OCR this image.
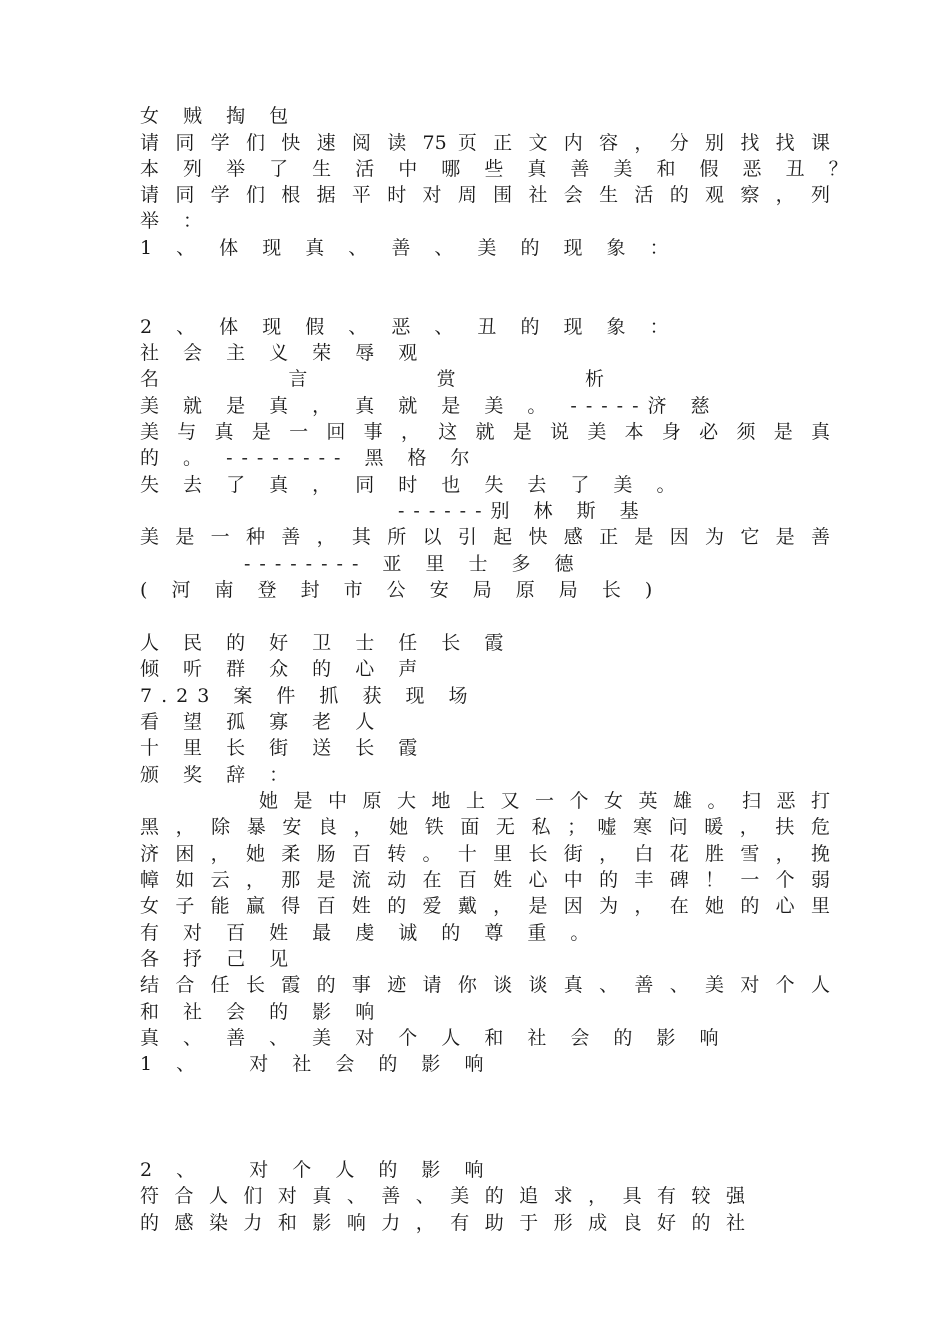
女 贼 掏 包
请 同 学 们 快 速 阅 读 75 页 正 文 内 容 ， 分 别 找 找 课
本 列 举 了 生 活 中 哪 些 真 善 美 和 假 恶 丑 ？
请 同 学 们 根 据 平 时 对 周 围 社 会 生 活 的 观 察 ， 列
举 ：
1 、 体 现 真 、 善 、 美 的 现 象 ：
2 、 体 现 假 、 恶 、 丑 的 现 象 ：
社 会 主 义 荣 辱 观
名        言        赏        析
美 就 是 真 ， 真 就 是 美 。 -----济 慈
美 与 真 是 一 回 事 ， 这 就 是 说 美 本 身 必 须 是 真
的 。 -------- 黑 格 尔
失 去 了 真 ， 同 时 也 失 去 了 美 。
------别 林 斯 基
美 是 一 种 善 ， 其 所 以 引 起 快 感 正 是 因 为 它 是 善
-------- 亚 里 士 多 德
( 河 南 登 封 市 公 安 局 原 局 长 )
人 民 的 好 卫 士 任 长 霞
倾 听 群 众 的 心 声
7.23 案 件 抓 获 现 场
看 望 孤 寡 老 人
十 里 长 街 送 长 霞
颁 奖 辞 ：
她 是 中 原 大 地 上 又 一 个 女 英 雄 。 扫 恶 打
黑 ， 除 暴 安 良 ， 她 铁 面 无 私 ； 嘘 寒 问 暖 ， 扶 危
济 困 ， 她 柔 肠 百 转 。 十 里 长 街 ， 白 花 胜 雪 ， 挽
幛 如 云 ， 那 是 流 动 在 百 姓 心 中 的 丰 碑 ！ 一 个 弱
女 子 能 赢 得 百 姓 的 爱 戴 ， 是 因 为 ， 在 她 的 心 里
有 对 百 姓 最 虔 诚 的 尊 重 。
各 抒 己 见
结 合 任 长 霞 的 事 迹 请 你 谈 谈 真 、 善 、 美 对 个 人
和 社 会 的 影 响
真 、 善 、 美 对 个 人 和 社 会 的 影 响
1 、   对 社 会 的 影 响
2 、   对 个 人 的 影 响
符 合 人 们 对 真 、 善 、 美 的 追 求 ， 具 有 较 强
的 感 染 力 和 影 响 力 ， 有 助 于 形 成 良 好 的 社
